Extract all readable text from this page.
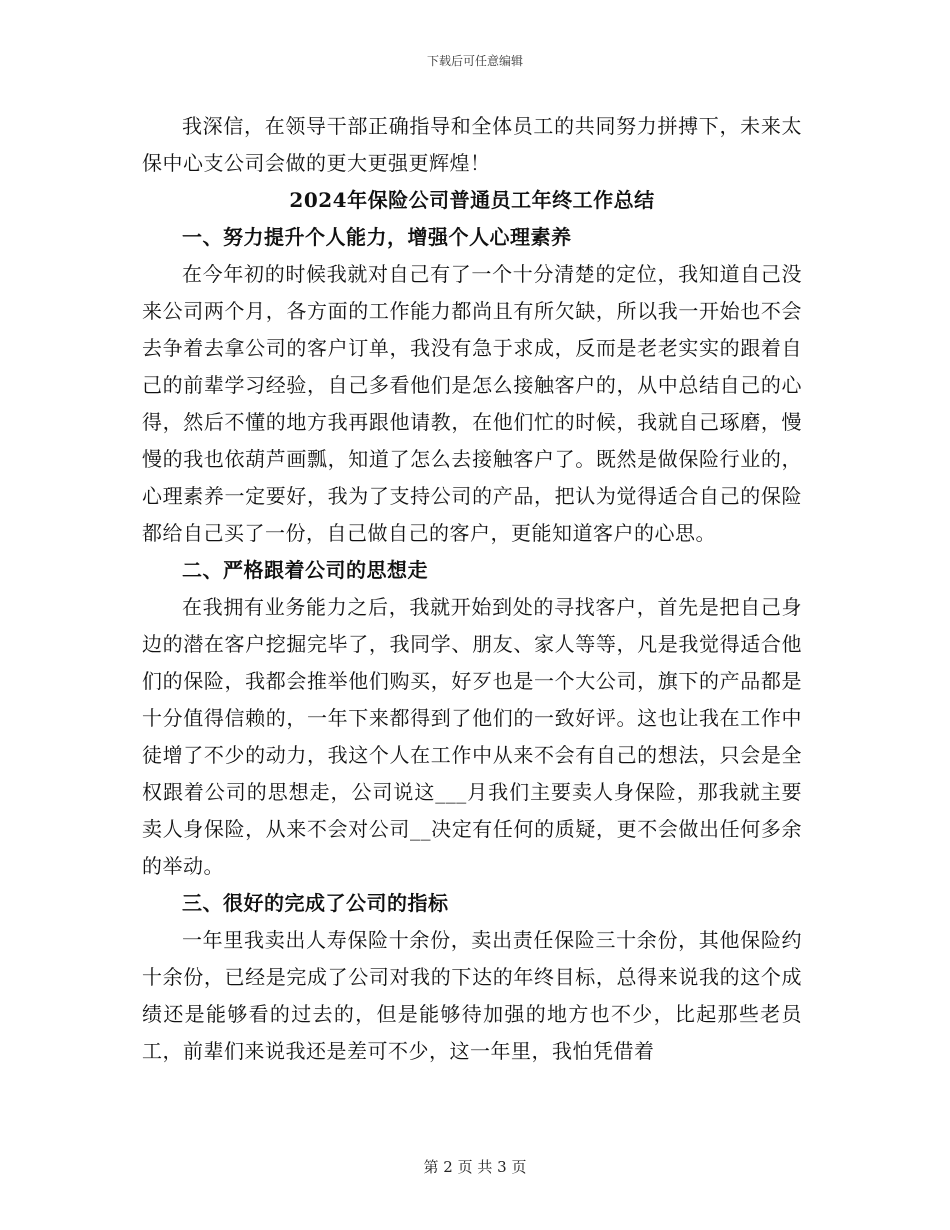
下载后可任意编辑

我深信，在领导干部正确指导和全体员工的共同努力拼搏下，未来太保中心支公司会做的更大更强更辉煌！

2024年保险公司普通员工年终工作总结

一、努力提升个人能力，增强个人心理素养

在今年初的时候我就对自己有了一个十分清楚的定位，我知道自己没来公司两个月，各方面的工作能力都尚且有所欠缺，所以我一开始也不会去争着去拿公司的客户订单，我没有急于求成，反而是老老实实的跟着自己的前辈学习经验，自己多看他们是怎么接触客户的，从中总结自己的心得，然后不懂的地方我再跟他请教，在他们忙的时候，我就自己琢磨，慢慢的我也依葫芦画瓢，知道了怎么去接触客户了。既然是做保险行业的，心理素养一定要好，我为了支持公司的产品，把认为觉得适合自己的保险都给自己买了一份，自己做自己的客户，更能知道客户的心思。

二、严格跟着公司的思想走

在我拥有业务能力之后，我就开始到处的寻找客户，首先是把自己身边的潜在客户挖掘完毕了，我同学、朋友、家人等等，凡是我觉得适合他们的保险，我都会推举他们购买，好歹也是一个大公司，旗下的产品都是十分值得信赖的，一年下来都得到了他们的一致好评。这也让我在工作中徒增了不少的动力，我这个人在工作中从来不会有自己的想法，只会是全权跟着公司的思想走，公司说这___月我们主要卖人身保险，那我就主要卖人身保险，从来不会对公司__决定有任何的质疑，更不会做出任何多余的举动。

三、很好的完成了公司的指标

一年里我卖出人寿保险十余份，卖出责任保险三十余份，其他保险约十余份，已经是完成了公司对我的下达的年终目标，总得来说我的这个成绩还是能够看的过去的，但是能够待加强的地方也不少，比起那些老员工，前辈们来说我还是差可不少，这一年里，我怕凭借着

第 2 页 共 3 页
